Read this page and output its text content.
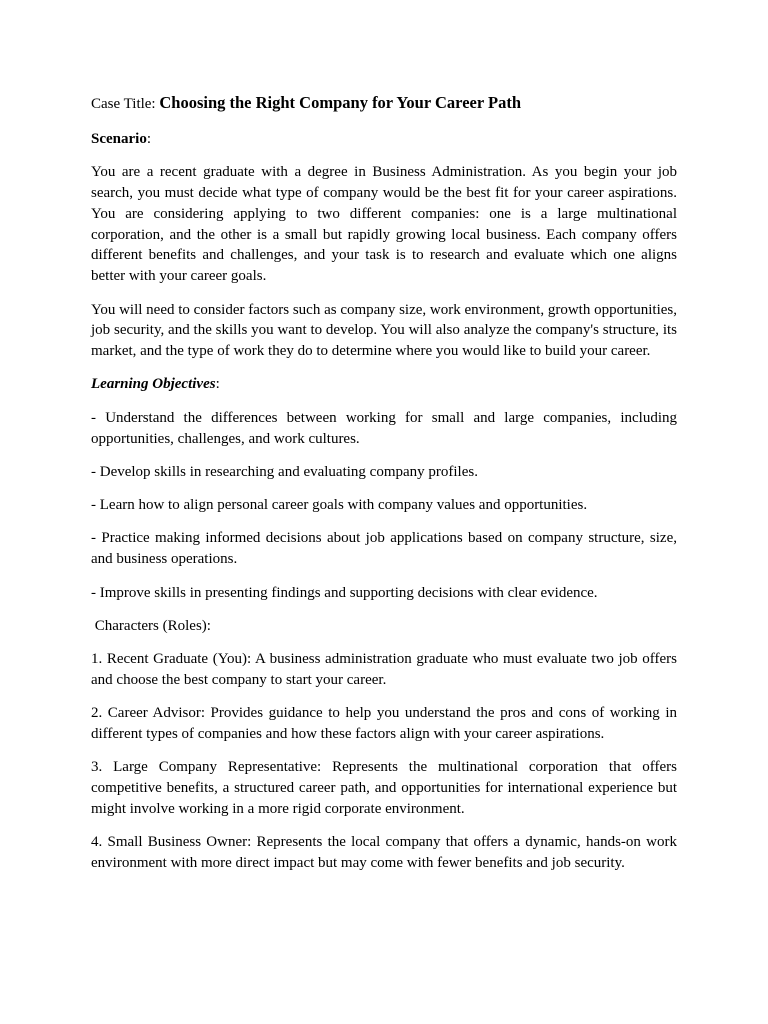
Case Title: Choosing the Right Company for Your Career Path
Scenario:

You are a recent graduate with a degree in Business Administration. As you begin your job search, you must decide what type of company would be the best fit for your career aspirations. You are considering applying to two different companies: one is a large multinational corporation, and the other is a small but rapidly growing local business. Each company offers different benefits and challenges, and your task is to research and evaluate which one aligns better with your career goals.

You will need to consider factors such as company size, work environment, growth opportunities, job security, and the skills you want to develop. You will also analyze the company's structure, its market, and the type of work they do to determine where you would like to build your career.

Learning Objectives:

- Understand the differences between working for small and large companies, including opportunities, challenges, and work cultures.

- Develop skills in researching and evaluating company profiles.

- Learn how to align personal career goals with company values and opportunities.

- Practice making informed decisions about job applications based on company structure, size, and business operations.

- Improve skills in presenting findings and supporting decisions with clear evidence.

Characters (Roles):

1. Recent Graduate (You): A business administration graduate who must evaluate two job offers and choose the best company to start your career.

2. Career Advisor: Provides guidance to help you understand the pros and cons of working in different types of companies and how these factors align with your career aspirations.

3. Large Company Representative: Represents the multinational corporation that offers competitive benefits, a structured career path, and opportunities for international experience but might involve working in a more rigid corporate environment.

4. Small Business Owner: Represents the local company that offers a dynamic, hands-on work environment with more direct impact but may come with fewer benefits and job security.
